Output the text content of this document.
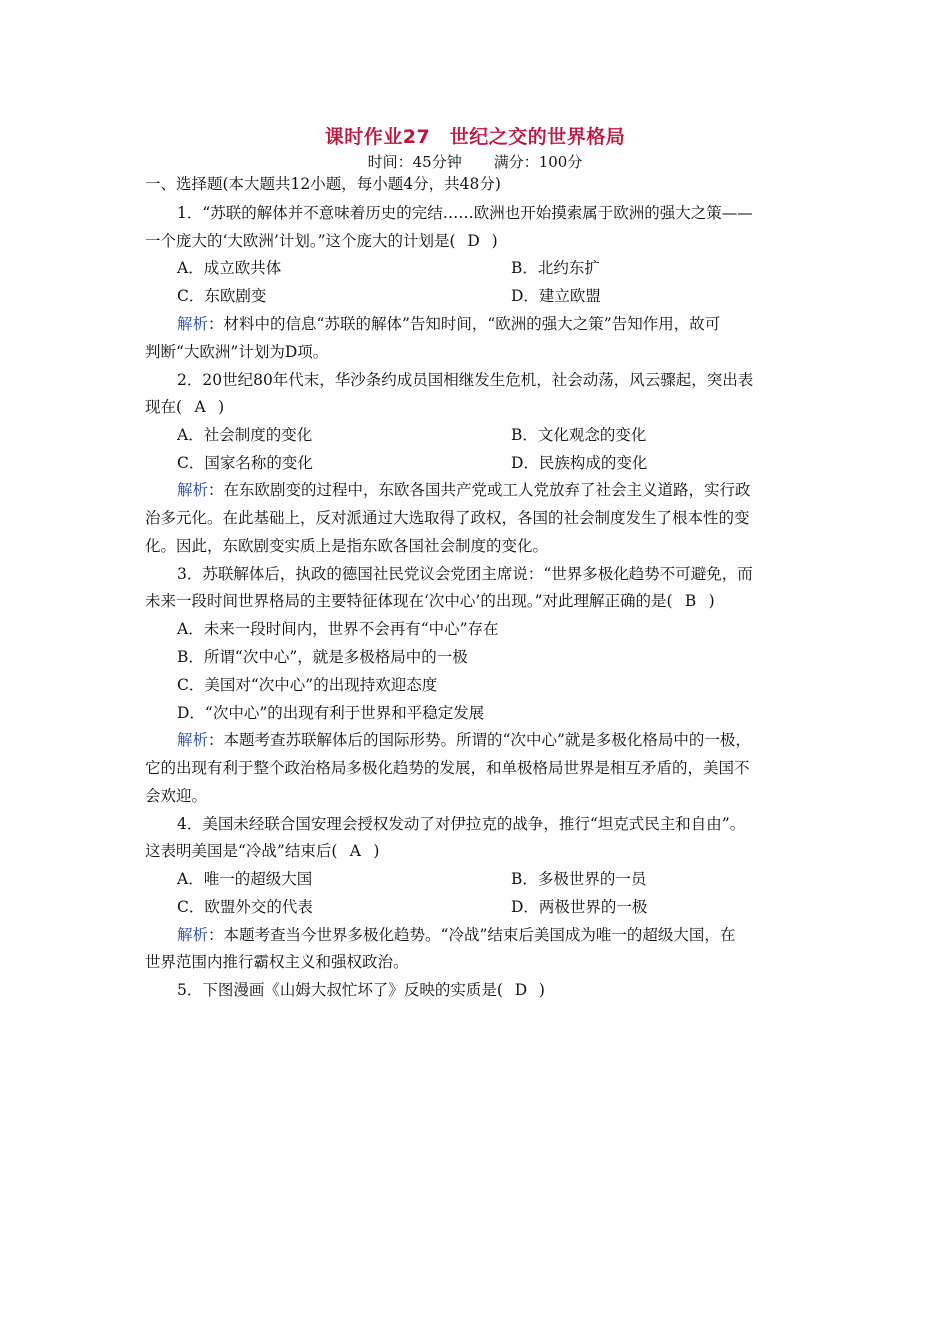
课时作业27　世纪之交的世界格局
时间：45分钟 满分：100分
一、选择题(本大题共12小题，每小题4分，共48分)
1．“苏联的解体并不意味着历史的完结……欧洲也开始摸索属于欧洲的强大之策——
一个庞大的‘大欧洲’计划。”这个庞大的计划是( D )
A．成立欧共体	B．北约东扩
C．东欧剧变	D．建立欧盟
解析：材料中的信息“苏联的解体”告知时间，“欧洲的强大之策”告知作用，故可
判断“大欧洲”计划为D项。
2．20世纪80年代末，华沙条约成员国相继发生危机，社会动荡，风云骤起，突出表
现在( A )
A．社会制度的变化	B．文化观念的变化
C．国家名称的变化	D．民族构成的变化
解析：在东欧剧变的过程中，东欧各国共产党或工人党放弃了社会主义道路，实行政
治多元化。在此基础上，反对派通过大选取得了政权，各国的社会制度发生了根本性的变
化。因此，东欧剧变实质上是指东欧各国社会制度的变化。
3．苏联解体后，执政的德国社民党议会党团主席说：“世界多极化趋势不可避免，而
未来一段时间世界格局的主要特征体现在‘次中心’的出现。”对此理解正确的是( B )
A．未来一段时间内，世界不会再有“中心”存在
B．所谓“次中心”，就是多极格局中的一极
C．美国对“次中心”的出现持欢迎态度
D．“次中心”的出现有利于世界和平稳定发展
解析：本题考查苏联解体后的国际形势。所谓的“次中心”就是多极化格局中的一极，
它的出现有利于整个政治格局多极化趋势的发展，和单极格局世界是相互矛盾的，美国不
会欢迎。
4．美国未经联合国安理会授权发动了对伊拉克的战争，推行“坦克式民主和自由”。
这表明美国是“冷战”结束后( A )
A．唯一的超级大国	B．多极世界的一员
C．欧盟外交的代表	D．两极世界的一极
解析：本题考查当今世界多极化趋势。“冷战”结束后美国成为唯一的超级大国，在
世界范围内推行霸权主义和强权政治。
5．下图漫画《山姆大叔忙坏了》反映的实质是( D )
